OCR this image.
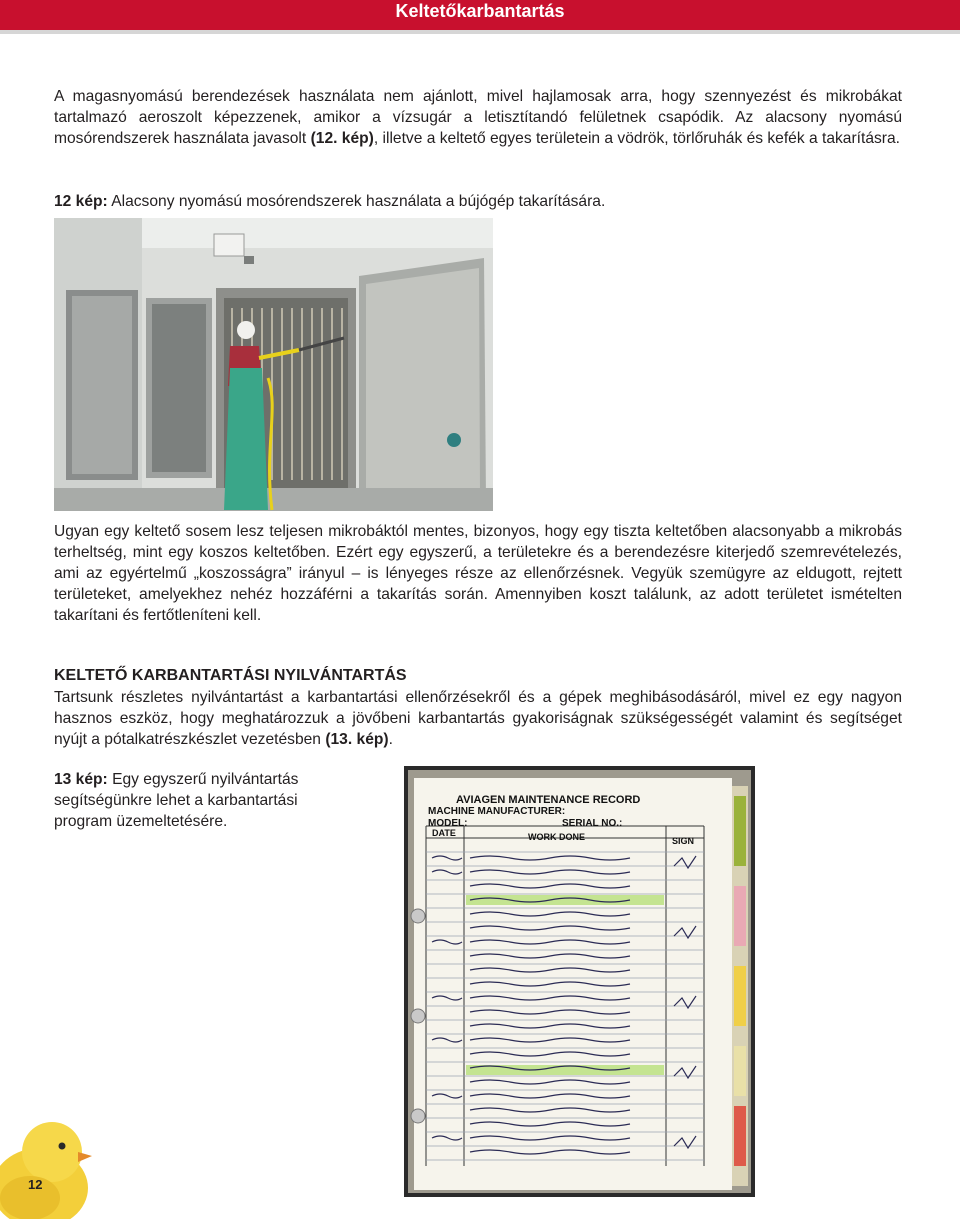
Keltetőkarbantartás

A magasnyomású berendezések használata nem ajánlott, mivel hajlamosak arra, hogy szennyezést és mikrobákat tartalmazó aeroszolt képezzenek, amikor a vízsugár a letisztítandó felületnek csapódik. Az alacsony nyomású mosórendszerek használata javasolt (12. kép), illetve a keltető egyes területein a vödrök, törlőruhák és kefék a takarításra.

12 kép: Alacsony nyomású mosórendszerek használata a bújógép takarítására.

Ugyan egy keltető sosem lesz teljesen mikrobáktól mentes, bizonyos, hogy egy tiszta keltetőben alacsonyabb a mikrobás terheltség, mint egy koszos keltetőben. Ezért egy egyszerű, a területekre és a berendezésre kiterjedő szemrevételezés, ami az egyértelmű „koszosságra” irányul – is lényeges része az ellenőrzésnek. Vegyük szemügyre az eldugott, rejtett területeket, amelyekhez nehéz hozzáférni a takarítás során. Amennyiben koszt találunk, az adott területet ismételten takarítani és fertőtleníteni kell.

KELTETŐ KARBANTARTÁSI NYILVÁNTARTÁS

Tartsunk részletes nyilvántartást a karbantartási ellenőrzésekről és a gépek meghibásodásáról, mivel ez egy nagyon hasznos eszköz, hogy meghatározzuk a jövőbeni karbantartás gyakoriságnak szükségességét valamint és segítséget nyújt a pótalkatrészkészlet vezetésben (13. kép).

13 kép: Egy egyszerű nyilvántartás segítségünkre lehet a karbantartási program üzemeltetésére.

AVIAGEN MAINTENANCE RECORD
MACHINE MANUFACTURER:
MODEL:	SERIAL NO.:
DATE	WORK DONE	SIGN
12
